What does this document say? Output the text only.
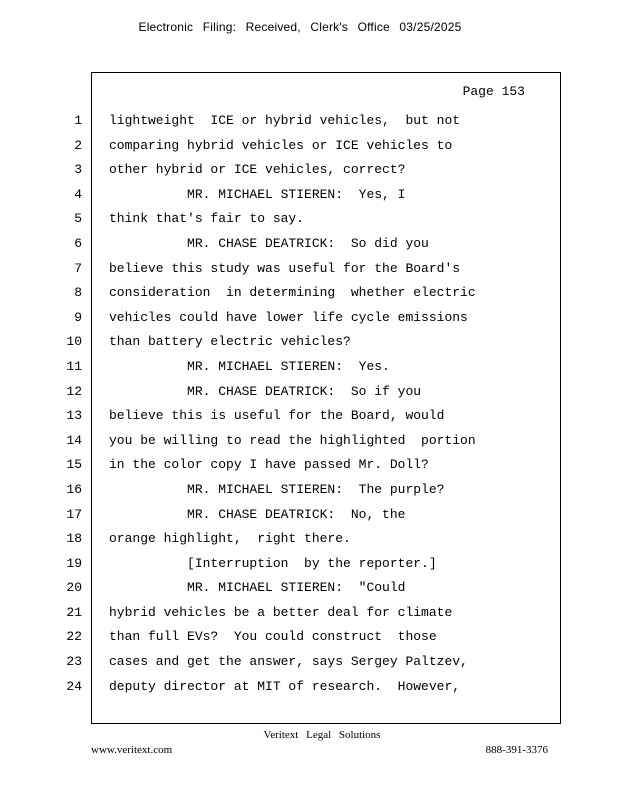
Electronic Filing: Received, Clerk's Office 03/25/2025
Page 153
1
2
3
4
5
6
7
8
9
10
11
12
13
14
15
16
17
18
19
20
21
22
23
24
lightweight  ICE or hybrid vehicles,  but not
comparing hybrid vehicles or ICE vehicles to
other hybrid or ICE vehicles, correct?
MR. MICHAEL STIEREN:  Yes, I
think that's fair to say.
MR. CHASE DEATRICK:  So did you
believe this study was useful for the Board's
consideration  in determining  whether electric
vehicles could have lower life cycle emissions
than battery electric vehicles?
MR. MICHAEL STIEREN:  Yes.
MR. CHASE DEATRICK:  So if you
believe this is useful for the Board, would
you be willing to read the highlighted  portion
in the color copy I have passed Mr. Doll?
MR. MICHAEL STIEREN:  The purple?
MR. CHASE DEATRICK:  No, the
orange highlight,  right there.
[Interruption  by the reporter.]
MR. MICHAEL STIEREN:  "Could
hybrid vehicles be a better deal for climate
than full EVs?  You could construct  those
cases and get the answer, says Sergey Paltzev,
deputy director at MIT of research.  However,
Veritext Legal Solutions
www.veritext.com	888-391-3376
